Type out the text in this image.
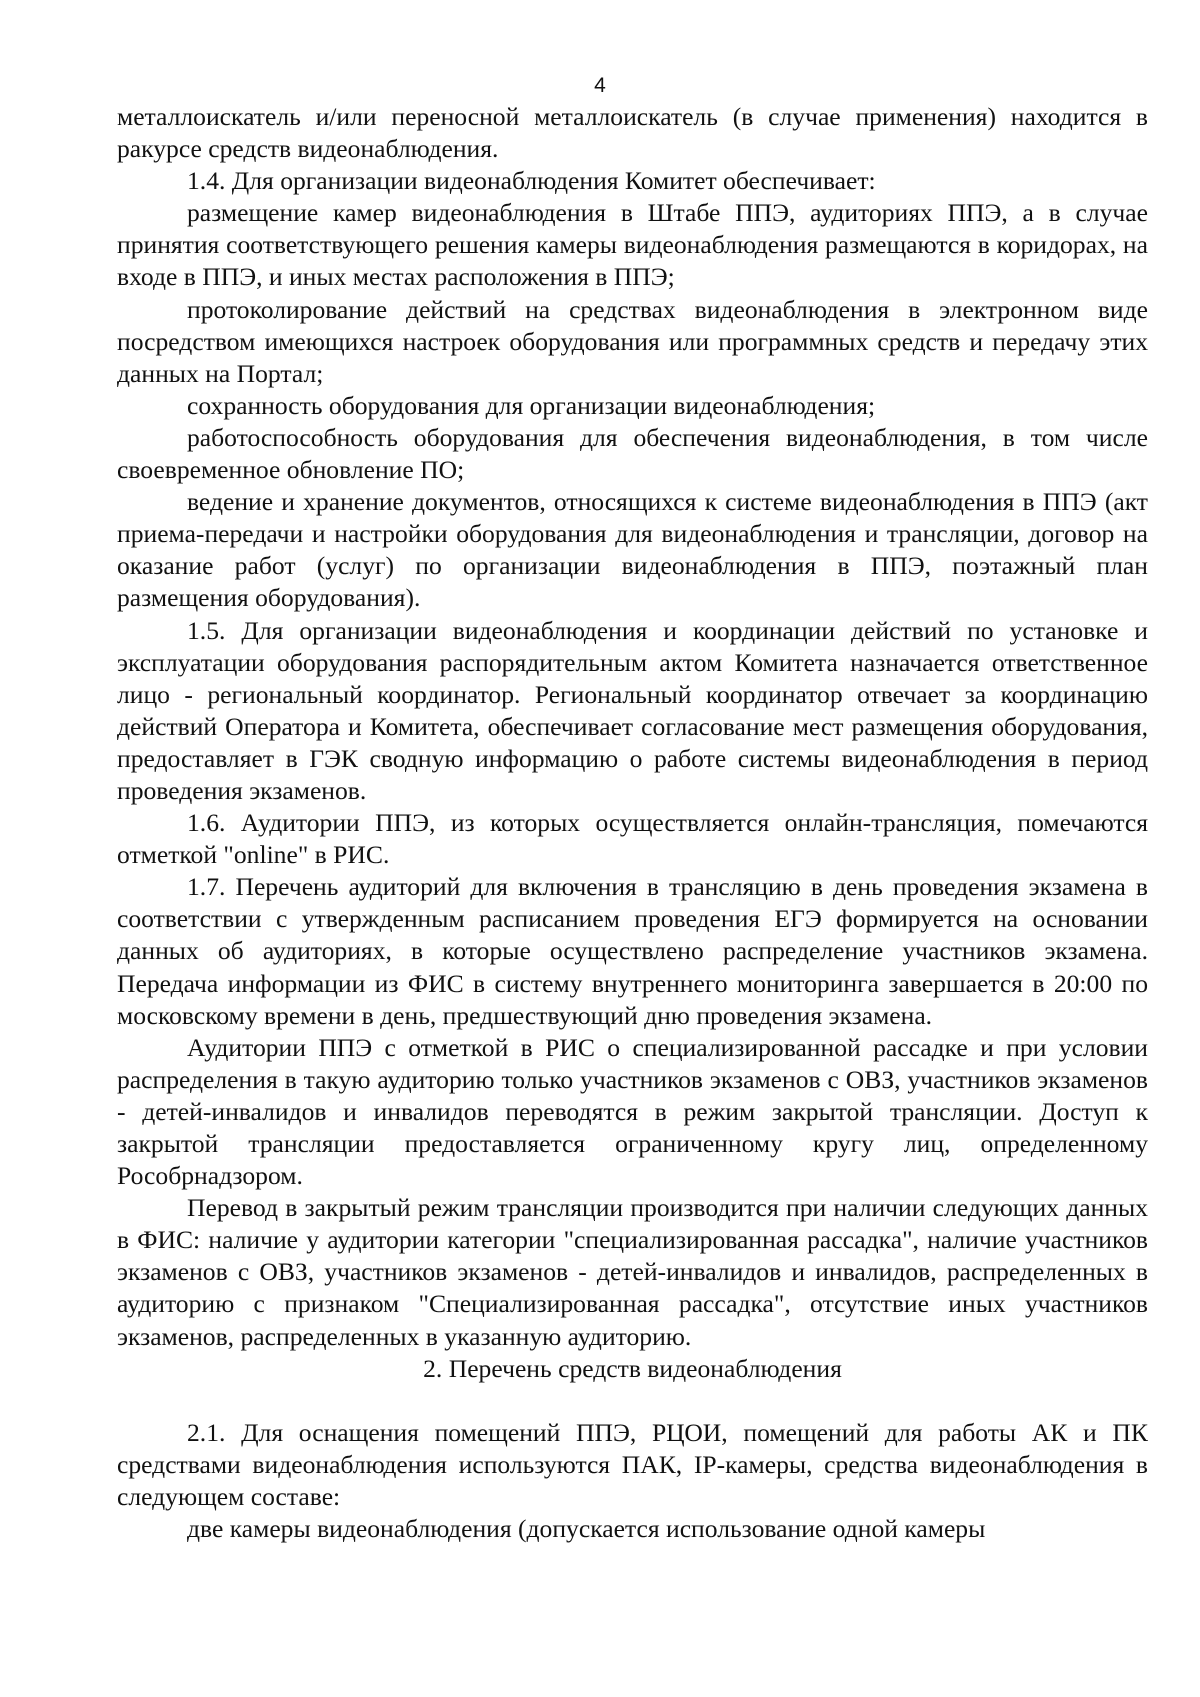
4

металлоискатель и/или переносной металлоискатель (в случае применения) находится в ракурсе средств видеонаблюдения.

1.4. Для организации видеонаблюдения Комитет обеспечивает:

размещение камер видеонаблюдения в Штабе ППЭ, аудиториях ППЭ, а в случае принятия соответствующего решения камеры видеонаблюдения размещаются в коридорах, на входе в ППЭ, и иных местах расположения в ППЭ;

протоколирование действий на средствах видеонаблюдения в электронном виде посредством имеющихся настроек оборудования или программных средств и передачу этих данных на Портал;

сохранность оборудования для организации видеонаблюдения;

работоспособность оборудования для обеспечения видеонаблюдения, в том числе своевременное обновление ПО;

ведение и хранение документов, относящихся к системе видеонаблюдения в ППЭ (акт приема-передачи и настройки оборудования для видеонаблюдения и трансляции, договор на оказание работ (услуг) по организации видеонаблюдения в ППЭ, поэтажный план размещения оборудования).

1.5. Для организации видеонаблюдения и координации действий по установке и эксплуатации оборудования распорядительным актом Комитета назначается ответственное лицо - региональный координатор. Региональный координатор отвечает за координацию действий Оператора и Комитета, обеспечивает согласование мест размещения оборудования, предоставляет в ГЭК сводную информацию о работе системы видеонаблюдения в период проведения экзаменов.

1.6. Аудитории ППЭ, из которых осуществляется онлайн-трансляция, помечаются отметкой "online" в РИС.

1.7. Перечень аудиторий для включения в трансляцию в день проведения экзамена в соответствии с утвержденным расписанием проведения ЕГЭ формируется на основании данных об аудиториях, в которые осуществлено распределение участников экзамена. Передача информации из ФИС в систему внутреннего мониторинга завершается в 20:00 по московскому времени в день, предшествующий дню проведения экзамена.

Аудитории ППЭ с отметкой в РИС о специализированной рассадке и при условии распределения в такую аудиторию только участников экзаменов с ОВЗ, участников экзаменов - детей-инвалидов и инвалидов переводятся в режим закрытой трансляции. Доступ к закрытой трансляции предоставляется ограниченному кругу лиц, определенному Рособрнадзором.

Перевод в закрытый режим трансляции производится при наличии следующих данных в ФИС: наличие у аудитории категории "специализированная рассадка", наличие участников экзаменов с ОВЗ, участников экзаменов - детей-инвалидов и инвалидов, распределенных в аудиторию с признаком "Специализированная рассадка", отсутствие иных участников экзаменов, распределенных в указанную аудиторию.

2. Перечень средств видеонаблюдения

2.1. Для оснащения помещений ППЭ, РЦОИ, помещений для работы АК и ПК средствами видеонаблюдения используются ПАК, IP-камеры, средства видеонаблюдения в следующем составе:

две камеры видеонаблюдения (допускается использование одной камеры
